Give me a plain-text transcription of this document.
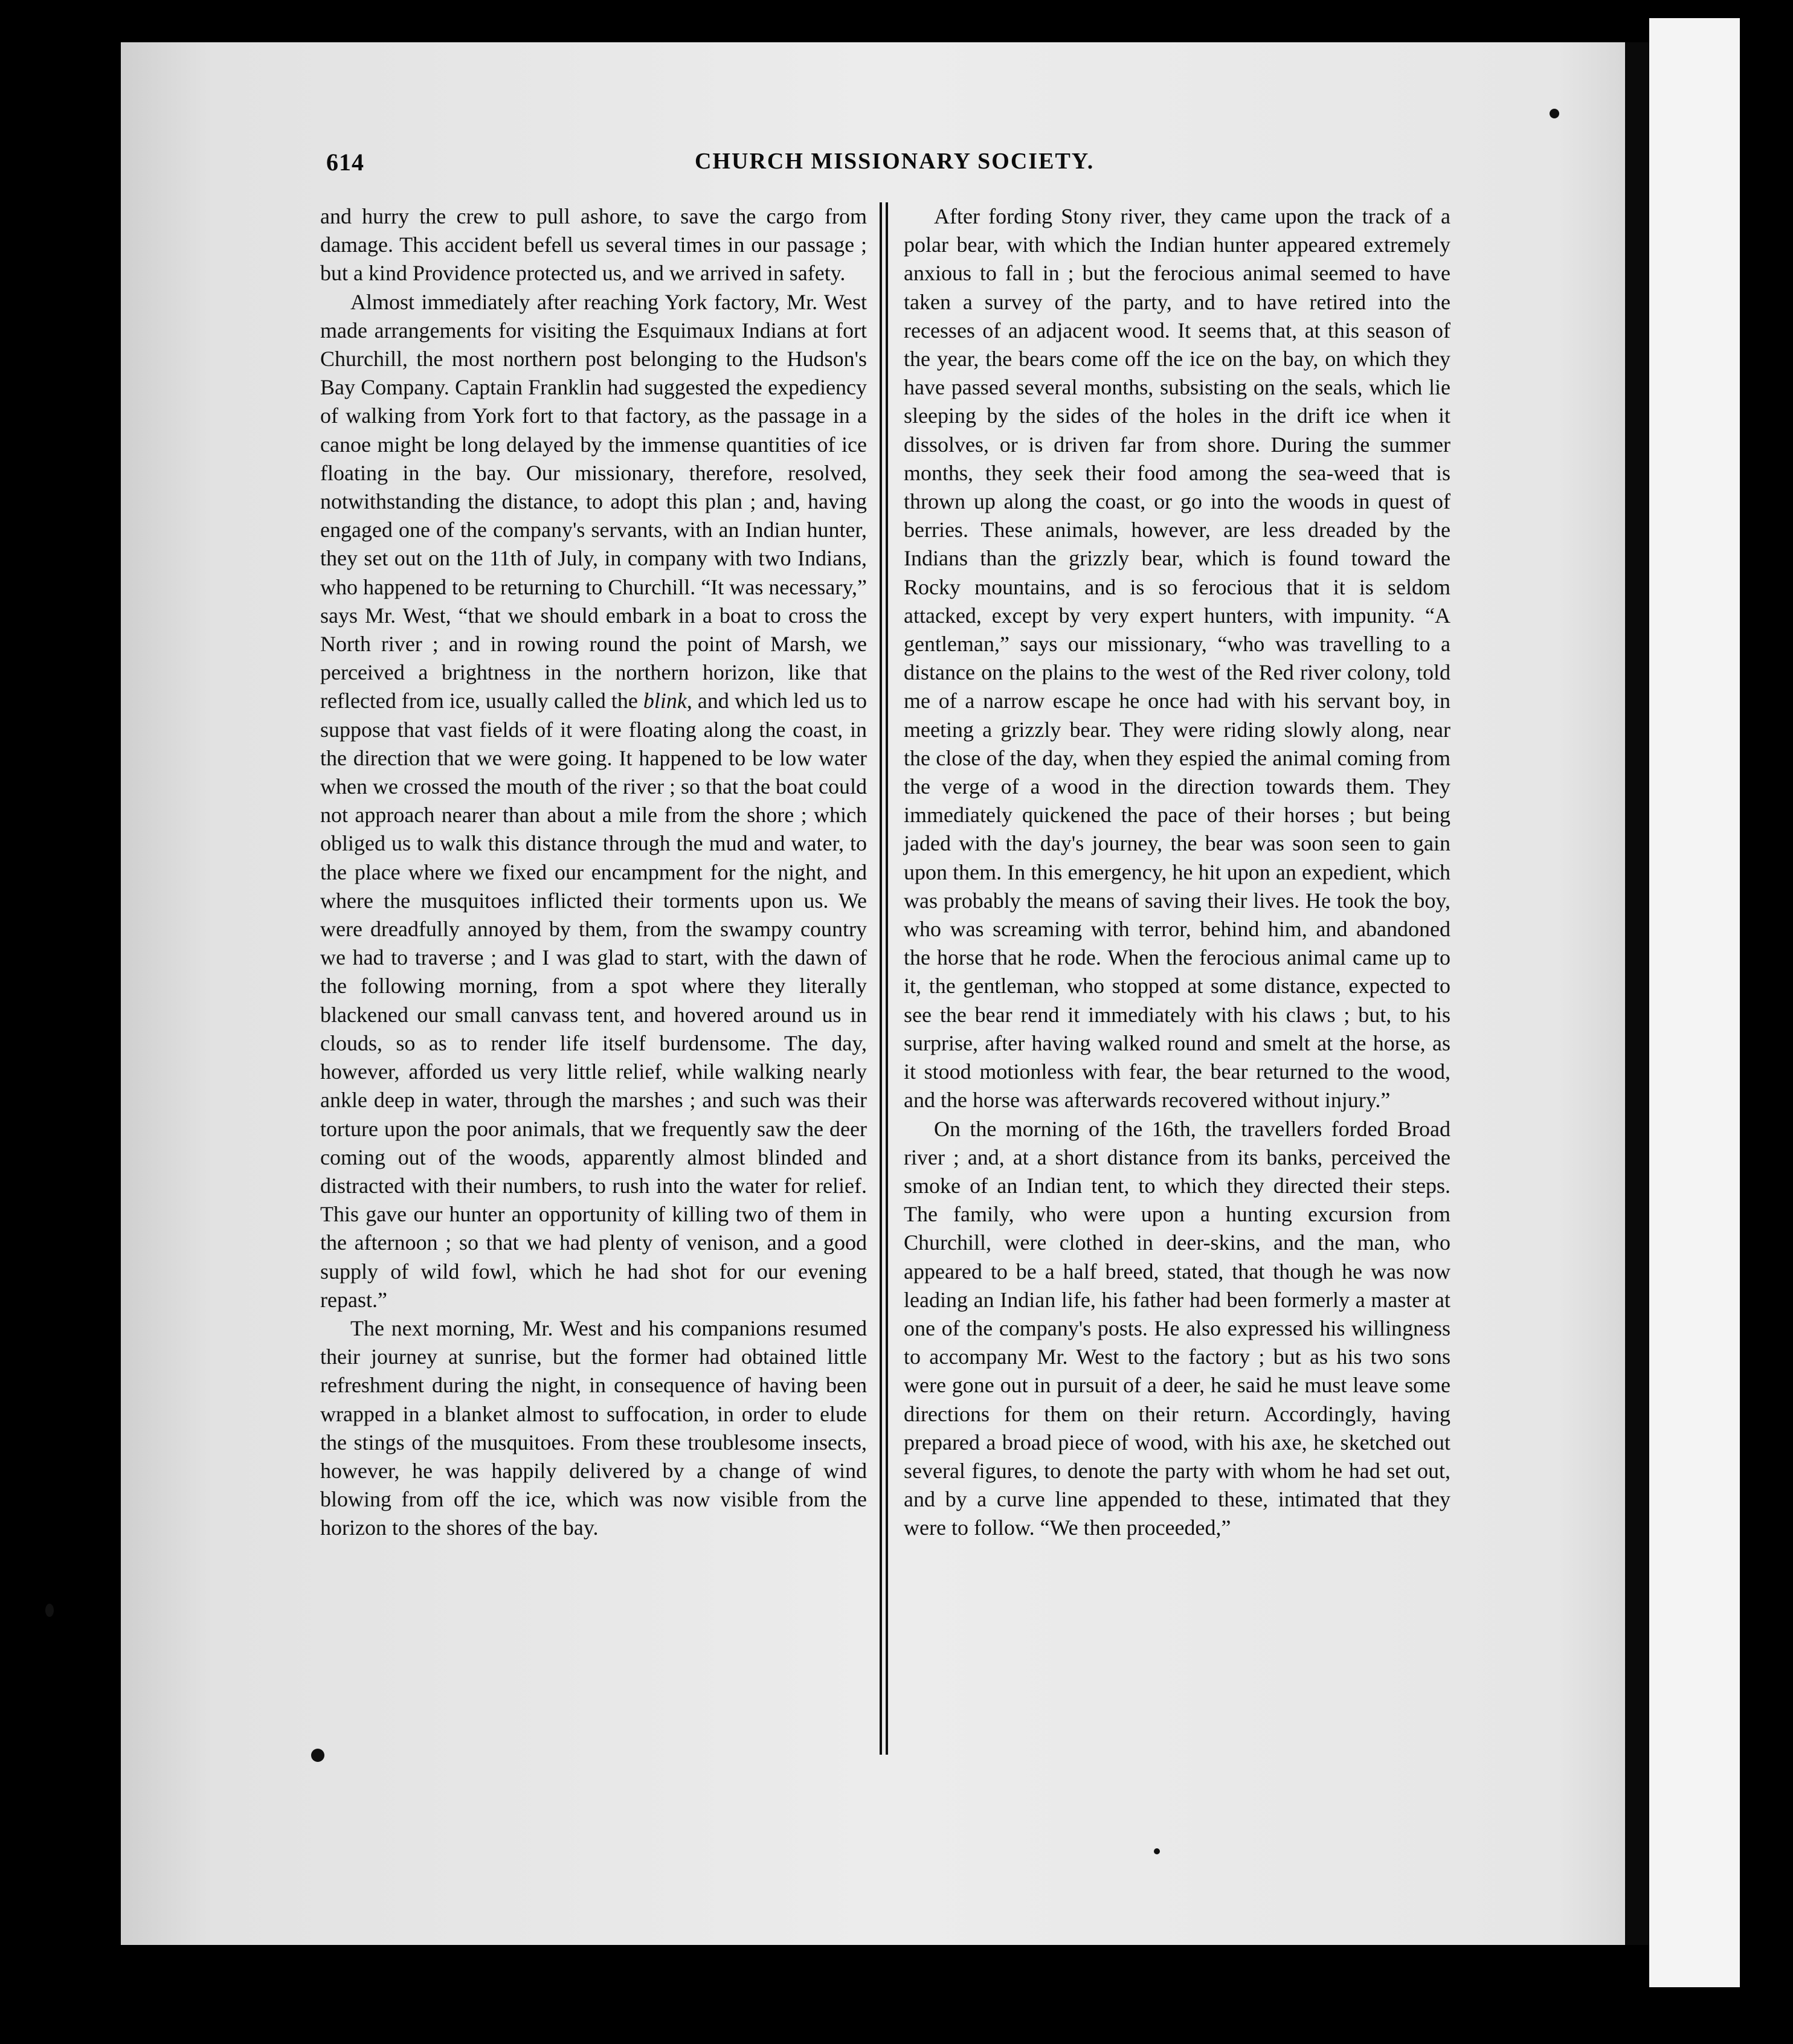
614	CHURCH MISSIONARY SOCIETY.

and hurry the crew to pull ashore, to save the cargo from damage. This accident befell us several times in our passage ; but a kind Providence protected us, and we arrived in safety.

Almost immediately after reaching York factory, Mr. West made arrangements for visiting the Esquimaux Indians at fort Churchill, the most northern post belonging to the Hudson's Bay Company. Captain Franklin had suggested the expediency of walking from York fort to that factory, as the passage in a canoe might be long delayed by the immense quantities of ice floating in the bay. Our missionary, therefore, resolved, notwithstanding the distance, to adopt this plan ; and, having engaged one of the company's servants, with an Indian hunter, they set out on the 11th of July, in company with two Indians, who happened to be returning to Churchill. “It was necessary,” says Mr. West, “that we should embark in a boat to cross the North river ; and in rowing round the point of Marsh, we perceived a brightness in the northern horizon, like that reflected from ice, usually called the blink, and which led us to suppose that vast fields of it were floating along the coast, in the direction that we were going. It happened to be low water when we crossed the mouth of the river ; so that the boat could not approach nearer than about a mile from the shore ; which obliged us to walk this distance through the mud and water, to the place where we fixed our encampment for the night, and where the musquitoes inflicted their torments upon us. We were dreadfully annoyed by them, from the swampy country we had to traverse ; and I was glad to start, with the dawn of the following morning, from a spot where they literally blackened our small canvass tent, and hovered around us in clouds, so as to render life itself burdensome. The day, however, afforded us very little relief, while walking nearly ankle deep in water, through the marshes ; and such was their torture upon the poor animals, that we frequently saw the deer coming out of the woods, apparently almost blinded and distracted with their numbers, to rush into the water for relief. This gave our hunter an opportunity of killing two of them in the afternoon ; so that we had plenty of venison, and a good supply of wild fowl, which he had shot for our evening repast.”

The next morning, Mr. West and his companions resumed their journey at sunrise, but the former had obtained little refreshment during the night, in consequence of having been wrapped in a blanket almost to suffocation, in order to elude the stings of the musquitoes. From these troublesome insects, however, he was happily delivered by a change of wind blowing from off the ice, which was now visible from the horizon to the shores of the bay.

After fording Stony river, they came upon the track of a polar bear, with which the Indian hunter appeared extremely anxious to fall in ; but the ferocious animal seemed to have taken a survey of the party, and to have retired into the recesses of an adjacent wood. It seems that, at this season of the year, the bears come off the ice on the bay, on which they have passed several months, subsisting on the seals, which lie sleeping by the sides of the holes in the drift ice when it dissolves, or is driven far from shore. During the summer months, they seek their food among the sea-weed that is thrown up along the coast, or go into the woods in quest of berries. These animals, however, are less dreaded by the Indians than the grizzly bear, which is found toward the Rocky mountains, and is so ferocious that it is seldom attacked, except by very expert hunters, with impunity. “A gentleman,” says our missionary, “who was travelling to a distance on the plains to the west of the Red river colony, told me of a narrow escape he once had with his servant boy, in meeting a grizzly bear. They were riding slowly along, near the close of the day, when they espied the animal coming from the verge of a wood in the direction towards them. They immediately quickened the pace of their horses ; but being jaded with the day's journey, the bear was soon seen to gain upon them. In this emergency, he hit upon an expedient, which was probably the means of saving their lives. He took the boy, who was screaming with terror, behind him, and abandoned the horse that he rode. When the ferocious animal came up to it, the gentleman, who stopped at some distance, expected to see the bear rend it immediately with his claws ; but, to his surprise, after having walked round and smelt at the horse, as it stood motionless with fear, the bear returned to the wood, and the horse was afterwards recovered without injury.”

On the morning of the 16th, the travellers forded Broad river ; and, at a short distance from its banks, perceived the smoke of an Indian tent, to which they directed their steps. The family, who were upon a hunting excursion from Churchill, were clothed in deer-skins, and the man, who appeared to be a half breed, stated, that though he was now leading an Indian life, his father had been formerly a master at one of the company's posts. He also expressed his willingness to accompany Mr. West to the factory ; but as his two sons were gone out in pursuit of a deer, he said he must leave some directions for them on their return. Accordingly, having prepared a broad piece of wood, with his axe, he sketched out several figures, to denote the party with whom he had set out, and by a curve line appended to these, intimated that they were to follow. “We then proceeded,”
